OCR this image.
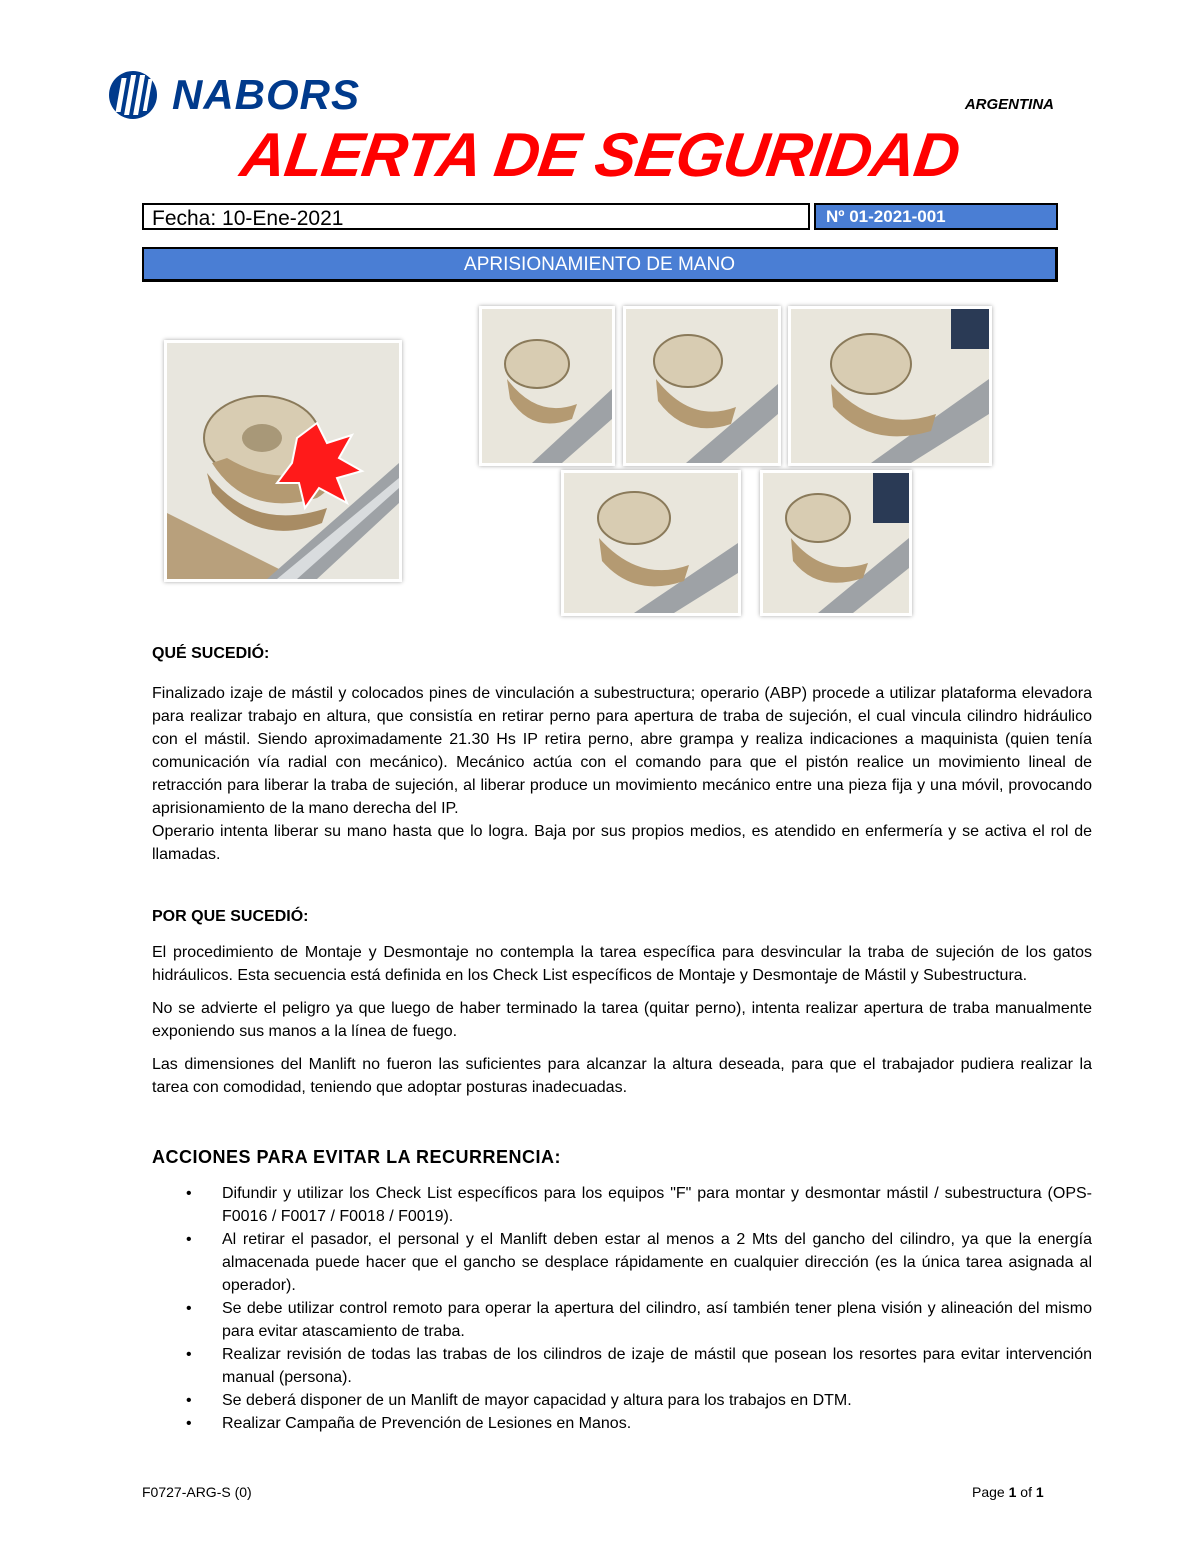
NABORS	ARGENTINA
ALERTA DE SEGURIDAD
Fecha: 10-Ene-2021	Nº 01-2021-001
APRISIONAMIENTO DE MANO
QUÉ SUCEDIÓ:

Finalizado izaje de mástil y colocados pines de vinculación a subestructura; operario (ABP) procede a utilizar plataforma elevadora para realizar trabajo en altura, que consistía en retirar perno para apertura de traba de sujeción, el cual vincula cilindro hidráulico con el mástil. Siendo aproximadamente 21.30 Hs IP retira perno, abre grampa y realiza indicaciones a maquinista (quien tenía comunicación vía radial con mecánico). Mecánico actúa con el comando para que el pistón realice un movimiento lineal de retracción para liberar la traba de sujeción, al liberar produce un movimiento mecánico entre una pieza fija y una móvil, provocando aprisionamiento de la mano derecha del IP.

Operario intenta liberar su mano hasta que lo logra. Baja por sus propios medios, es atendido en enfermería y se activa el rol de llamadas.

POR QUE SUCEDIÓ:

El procedimiento de Montaje y Desmontaje no contempla la tarea específica para desvincular la traba de sujeción de los gatos hidráulicos. Esta secuencia está definida en los Check List específicos de Montaje y Desmontaje de Mástil y Subestructura.

No se advierte el peligro ya que luego de haber terminado la tarea (quitar perno), intenta realizar apertura de traba manualmente exponiendo sus manos a la línea de fuego.

Las dimensiones del Manlift no fueron las suficientes para alcanzar la altura deseada, para que el trabajador pudiera realizar la tarea con comodidad, teniendo que adoptar posturas inadecuadas.

ACCIONES PARA EVITAR LA RECURRENCIA:
• Difundir y utilizar los Check List específicos para los equipos "F" para montar y desmontar mástil / subestructura (OPS-F0016 / F0017 / F0018 / F0019).
• Al retirar el pasador, el personal y el Manlift deben estar al menos a 2 Mts del gancho del cilindro, ya que la energía almacenada puede hacer que el gancho se desplace rápidamente en cualquier dirección (es la única tarea asignada al operador).
• Se debe utilizar control remoto para operar la apertura del cilindro, así también tener plena visión y alineación del mismo para evitar atascamiento de traba.
• Realizar revisión de todas las trabas de los cilindros de izaje de mástil que posean los resortes para evitar intervención manual (persona).
• Se deberá disponer de un Manlift de mayor capacidad y altura para los trabajos en DTM.
• Realizar Campaña de Prevención de Lesiones en Manos.
F0727-ARG-S (0)	Page 1 of 1
